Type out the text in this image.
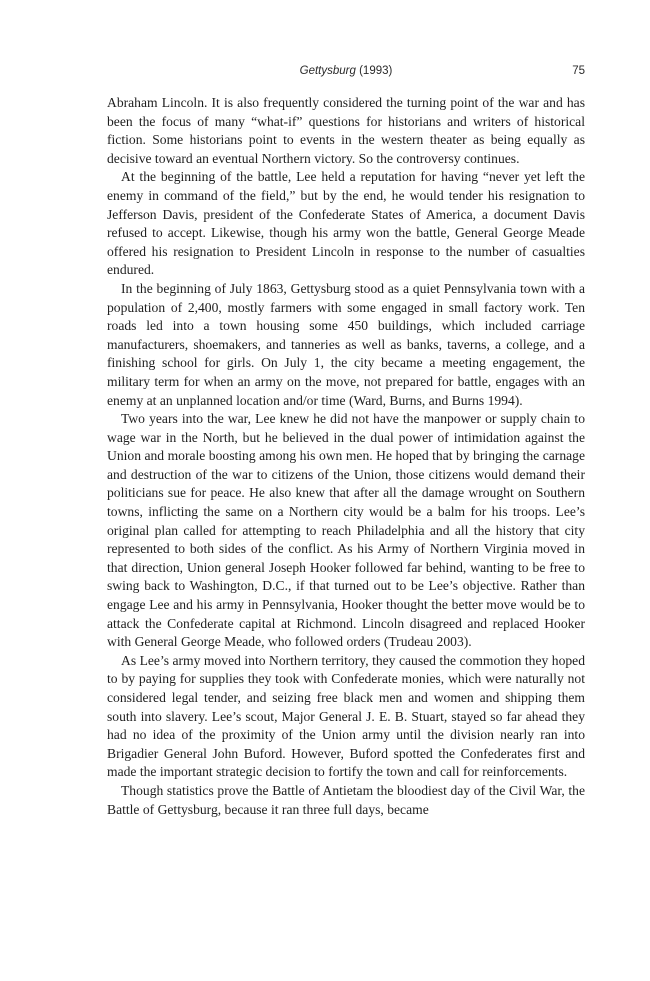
Gettysburg (1993)	75

Abraham Lincoln. It is also frequently considered the turning point of the war and has been the focus of many “what-if” questions for historians and writers of historical fiction. Some historians point to events in the western theater as being equally as decisive toward an eventual Northern victory. So the controversy continues.

At the beginning of the battle, Lee held a reputation for having “never yet left the enemy in command of the field,” but by the end, he would tender his resignation to Jefferson Davis, president of the Confederate States of America, a document Davis refused to accept. Likewise, though his army won the battle, General George Meade offered his resignation to President Lincoln in response to the number of casualties endured.

In the beginning of July 1863, Gettysburg stood as a quiet Pennsylvania town with a population of 2,400, mostly farmers with some engaged in small factory work. Ten roads led into a town housing some 450 buildings, which included carriage manufacturers, shoemakers, and tanneries as well as banks, taverns, a college, and a finishing school for girls. On July 1, the city became a meeting engagement, the military term for when an army on the move, not prepared for battle, engages with an enemy at an unplanned location and/or time (Ward, Burns, and Burns 1994).

Two years into the war, Lee knew he did not have the manpower or supply chain to wage war in the North, but he believed in the dual power of intimidation against the Union and morale boosting among his own men. He hoped that by bringing the carnage and destruction of the war to citizens of the Union, those citizens would demand their politicians sue for peace. He also knew that after all the damage wrought on Southern towns, inflicting the same on a Northern city would be a balm for his troops. Lee’s original plan called for attempting to reach Philadelphia and all the history that city represented to both sides of the conflict. As his Army of Northern Virginia moved in that direction, Union general Joseph Hooker followed far behind, wanting to be free to swing back to Washington, D.C., if that turned out to be Lee’s objective. Rather than engage Lee and his army in Pennsylvania, Hooker thought the better move would be to attack the Confederate capital at Richmond. Lincoln disagreed and replaced Hooker with General George Meade, who followed orders (Trudeau 2003).

As Lee’s army moved into Northern territory, they caused the commotion they hoped to by paying for supplies they took with Confederate monies, which were naturally not considered legal tender, and seizing free black men and women and shipping them south into slavery. Lee’s scout, Major General J. E. B. Stuart, stayed so far ahead they had no idea of the proximity of the Union army until the division nearly ran into Brigadier General John Buford. However, Buford spotted the Confederates first and made the important strategic decision to fortify the town and call for reinforcements.

Though statistics prove the Battle of Antietam the bloodiest day of the Civil War, the Battle of Gettysburg, because it ran three full days, became
